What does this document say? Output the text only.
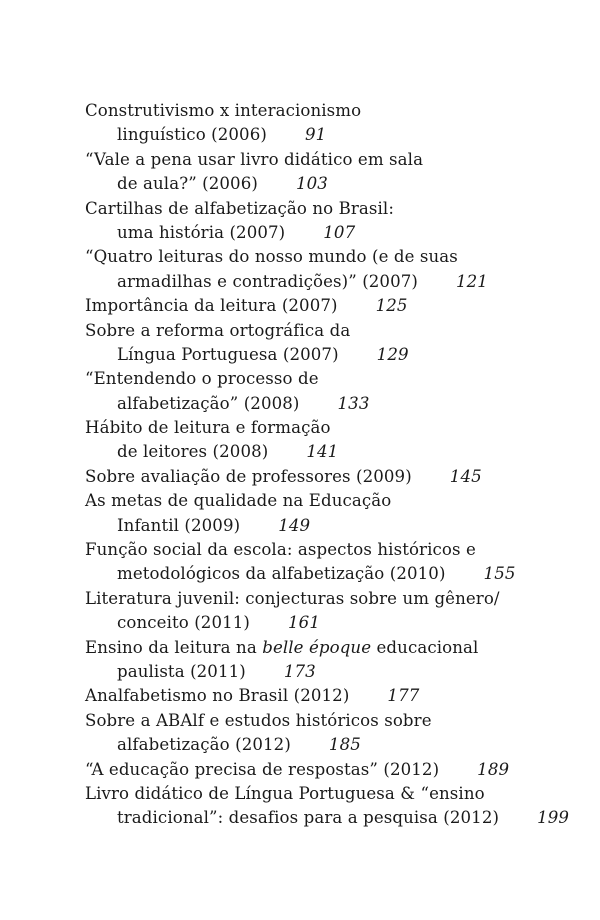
Construtivismo x interacionismo
linguístico (2006) 91
“Vale a pena usar livro didático em sala
de aula?” (2006) 103
Cartilhas de alfabetização no Brasil:
uma história (2007) 107
“Quatro leituras do nosso mundo (e de suas
armadilhas e contradições)” (2007) 121
Importância da leitura (2007) 125
Sobre a reforma ortográfica da
Língua Portuguesa (2007) 129
“Entendendo o processo de
alfabetização” (2008) 133
Hábito de leitura e formação
de leitores (2008) 141
Sobre avaliação de professores (2009) 145
As metas de qualidade na Educação
Infantil (2009) 149
Função social da escola: aspectos históricos e
metodológicos da alfabetização (2010) 155
Literatura juvenil: conjecturas sobre um gênero/
conceito (2011) 161
Ensino da leitura na belle époque educacional
paulista (2011) 173
Analfabetismo no Brasil (2012) 177
Sobre a ABAlf e estudos históricos sobre
alfabetização (2012) 185
“A educação precisa de respostas” (2012) 189
Livro didático de Língua Portuguesa & “ensino
tradicional”: desafios para a pesquisa (2012) 199
